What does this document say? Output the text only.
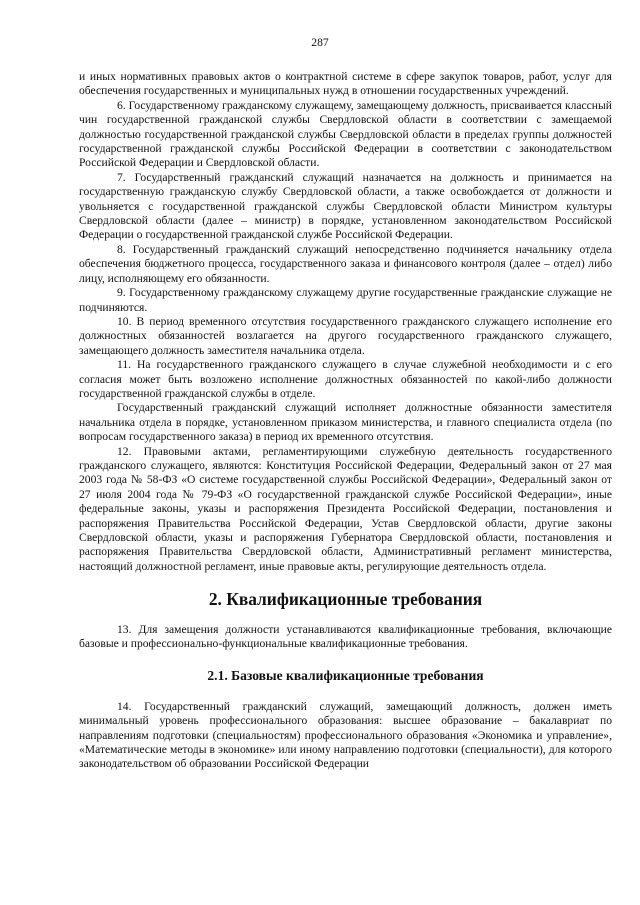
287

и иных нормативных правовых актов о контрактной системе в сфере закупок товаров, работ, услуг для обеспечения государственных и муниципальных нужд в отношении государственных учреждений.

6. Государственному гражданскому служащему, замещающему должность, присваивается классный чин государственной гражданской службы Свердловской области в соответствии с замещаемой должностью государственной гражданской службы Свердловской области в пределах группы должностей государственной гражданской службы Российской Федерации в соответствии с законодательством Российской Федерации и Свердловской области.

7. Государственный гражданский служащий назначается на должность и принимается на государственную гражданскую службу Свердловской области, а также освобождается от должности и увольняется с государственной гражданской службы Свердловской области Министром культуры Свердловской области (далее – министр) в порядке, установленном законодательством Российской Федерации о государственной гражданской службе Российской Федерации.

8. Государственный гражданский служащий непосредственно подчиняется начальнику отдела обеспечения бюджетного процесса, государственного заказа и финансового контроля (далее – отдел) либо лицу, исполняющему его обязанности.

9. Государственному гражданскому служащему другие государственные гражданские служащие не подчиняются.

10. В период временного отсутствия государственного гражданского служащего исполнение его должностных обязанностей возлагается на другого государственного гражданского служащего, замещающего должность заместителя начальника отдела.

11. На государственного гражданского служащего в случае служебной необходимости и с его согласия может быть возложено исполнение должностных обязанностей по какой-либо должности государственной гражданской службы в отделе.

Государственный гражданский служащий исполняет должностные обязанности заместителя начальника отдела в порядке, установленном приказом министерства, и главного специалиста отдела (по вопросам государственного заказа) в период их временного отсутствия.

12. Правовыми актами, регламентирующими служебную деятельность государственного гражданского служащего, являются: Конституция Российской Федерации, Федеральный закон от 27 мая 2003 года № 58-ФЗ «О системе государственной службы Российской Федерации», Федеральный закон от 27 июля 2004 года № 79-ФЗ «О государственной гражданской службе Российской Федерации», иные федеральные законы, указы и распоряжения Президента Российской Федерации, постановления и распоряжения Правительства Российской Федерации, Устав Свердловской области, другие законы Свердловской области, указы и распоряжения Губернатора Свердловской области, постановления и распоряжения Правительства Свердловской области, Административный регламент министерства, настоящий должностной регламент, иные правовые акты, регулирующие деятельность отдела.

2. Квалификационные требования

13. Для замещения должности устанавливаются квалификационные требования, включающие базовые и профессионально-функциональные квалификационные требования.

2.1. Базовые квалификационные требования

14. Государственный гражданский служащий, замещающий должность, должен иметь минимальный уровень профессионального образования: высшее образование – бакалавриат по направлениям подготовки (специальностям) профессионального образования «Экономика и управление», «Математические методы в экономике» или иному направлению подготовки (специальности), для которого законодательством об образовании Российской Федерации
